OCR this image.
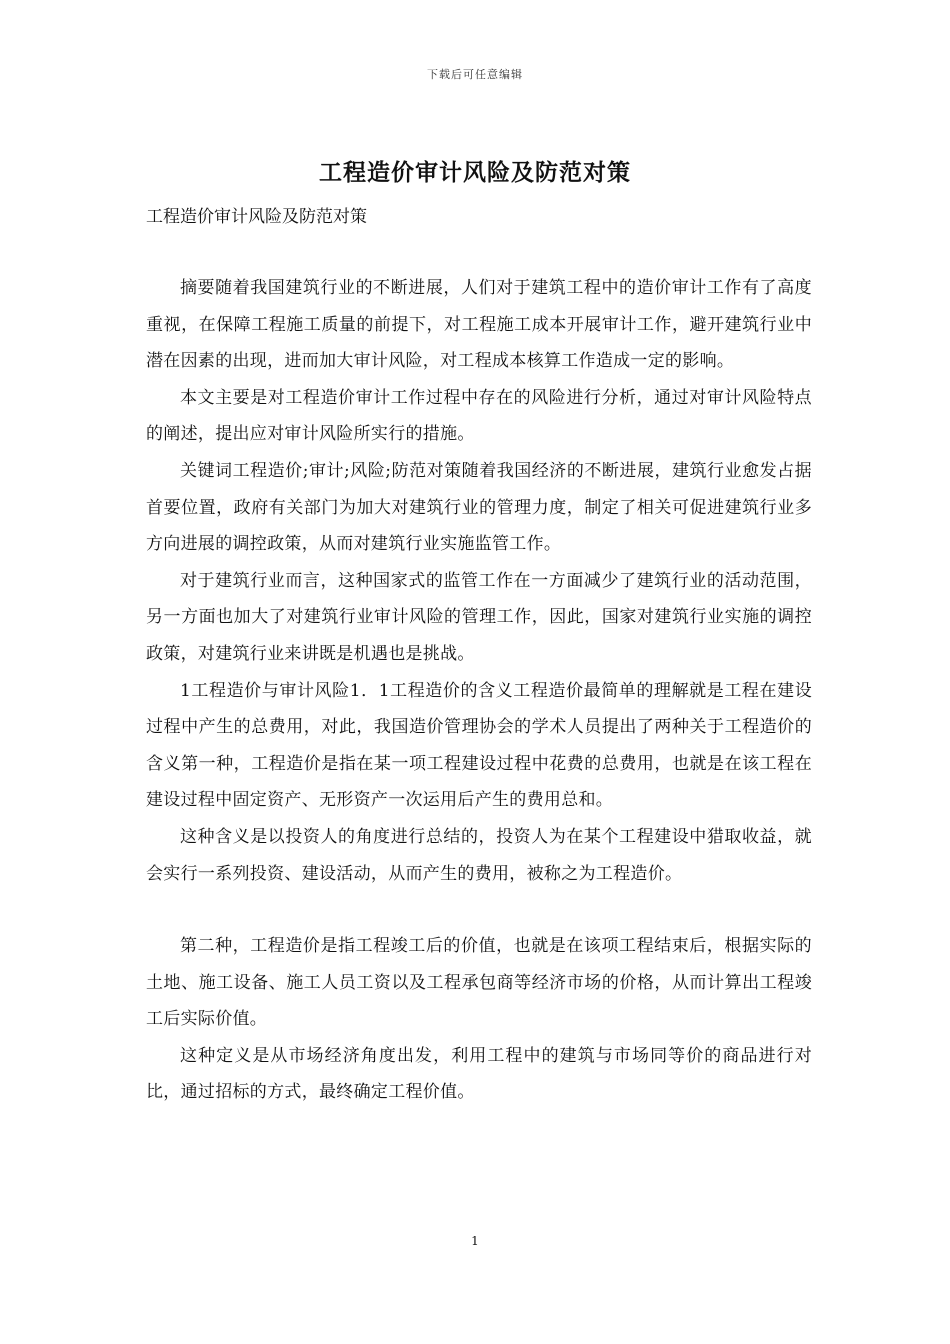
下载后可任意编辑
工程造价审计风险及防范对策

工程造价审计风险及防范对策

摘要随着我国建筑行业的不断进展，人们对于建筑工程中的造价审计工作有了高度重视，在保障工程施工质量的前提下，对工程施工成本开展审计工作，避开建筑行业中潜在因素的出现，进而加大审计风险，对工程成本核算工作造成一定的影响。

本文主要是对工程造价审计工作过程中存在的风险进行分析，通过对审计风险特点的阐述，提出应对审计风险所实行的措施。

关键词工程造价;审计;风险;防范对策随着我国经济的不断进展，建筑行业愈发占据首要位置，政府有关部门为加大对建筑行业的管理力度，制定了相关可促进建筑行业多方向进展的调控政策，从而对建筑行业实施监管工作。

对于建筑行业而言，这种国家式的监管工作在一方面减少了建筑行业的活动范围，另一方面也加大了对建筑行业审计风险的管理工作，因此，国家对建筑行业实施的调控政策，对建筑行业来讲既是机遇也是挑战。

1工程造价与审计风险1．1工程造价的含义工程造价最简单的理解就是工程在建设过程中产生的总费用，对此，我国造价管理协会的学术人员提出了两种关于工程造价的含义第一种，工程造价是指在某一项工程建设过程中花费的总费用，也就是在该工程在建设过程中固定资产、无形资产一次运用后产生的费用总和。

这种含义是以投资人的角度进行总结的，投资人为在某个工程建设中猎取收益，就会实行一系列投资、建设活动，从而产生的费用，被称之为工程造价。

第二种，工程造价是指工程竣工后的价值，也就是在该项工程结束后，根据实际的土地、施工设备、施工人员工资以及工程承包商等经济市场的价格，从而计算出工程竣工后实际价值。

这种定义是从市场经济角度出发，利用工程中的建筑与市场同等价的商品进行对比，通过招标的方式，最终确定工程价值。

1
